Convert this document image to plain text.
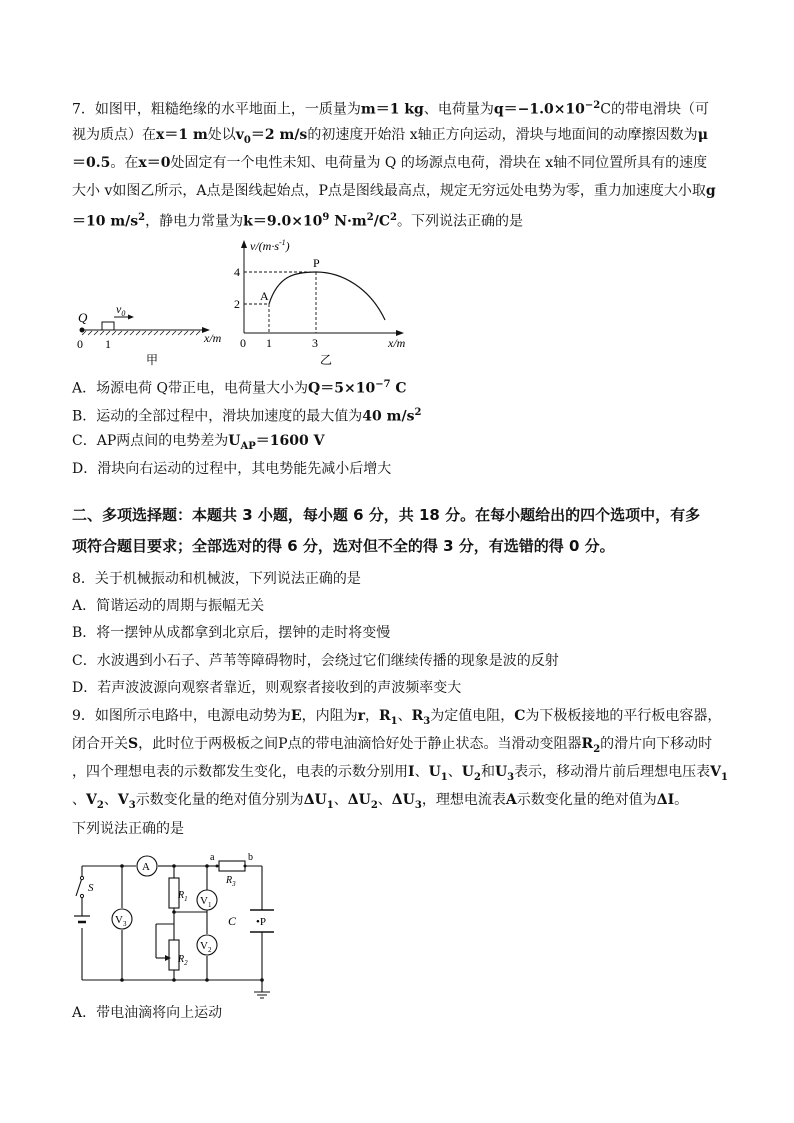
7．如图甲，粗糙绝缘的水平地面上，一质量为m＝1 kg、电荷量为$q=-1.0\times 10^{-2}C$的带电滑块（可
视为质点）在x＝1 m处以$v_0=2$ m/s的初速度开始沿 x轴正方向运动，滑块与地面间的动摩擦因数为μ
＝0.5。在x＝0处固定有一个电性未知、电荷量为 Q 的场源点电荷，滑块在 x轴不同位置所具有的速度
大小 v如图乙所示，A点是图线起始点，P点是图线最高点，规定无穷远处电势为零，重力加速度大小取g
＝10 $m/s^2$，静电力常量为$k=9.0\times 10^9$ $N\cdot m^2/C^2$。下列说法正确的是
Q
$v_0$
0 1	x/m
甲
$v/(m\cdot s^{-1})$
4
2
0 1	3	x/m
A
P
乙
A．场源电荷 Q带正电，电荷量大小为$Q=5\times 10^{-7}$ C
B．运动的全部过程中，滑块加速度的最大值为40 $m/s^2$
C．AP两点间的电势差为$U_{AP}=1600$ V
D．滑块向右运动的过程中，其电势能先减小后增大
二、多项选择题：本题共 3 小题，每小题 6 分，共 18 分。在每小题给出的四个选项中，有多
项符合题目要求；全部选对的得 6 分，选对但不全的得 3 分，有选错的得 0 分。
8．关于机械振动和机械波，下列说法正确的是
A．简谐运动的周期与振幅无关
B．将一摆钟从成都拿到北京后，摆钟的走时将变慢
C．水波遇到小石子、芦苇等障碍物时，会绕过它们继续传播的现象是波的反射
D．若声波波源向观察者靠近，则观察者接收到的声波频率变大
9．如图所示电路中，电源电动势为E，内阻为r，$R_1$、$R_3$为定值电阻，C为下极板接地的平行板电容器，
闭合开关S，此时位于两极板之间P点的带电油滴恰好处于静止状态。当滑动变阻器$R_2$的滑片向下移动时
，四个理想电表的示数都发生变化，电表的示数分别用I、$U_1$、$U_2$和$U_3$表示，移动滑片前后理想电压表$V_1$
、$V_2$、$V_3$示数变化量的绝对值分别为$\Delta U_1$、$\Delta U_2$、$\Delta U_3$，理想电流表A示数变化量的绝对值为ΔI。
下列说法正确的是
S
A
$V_3$
$R_1$
$R_2$
$V_1$
$V_2$
a	b
$R_3$
C •P
A．带电油滴将向上运动
